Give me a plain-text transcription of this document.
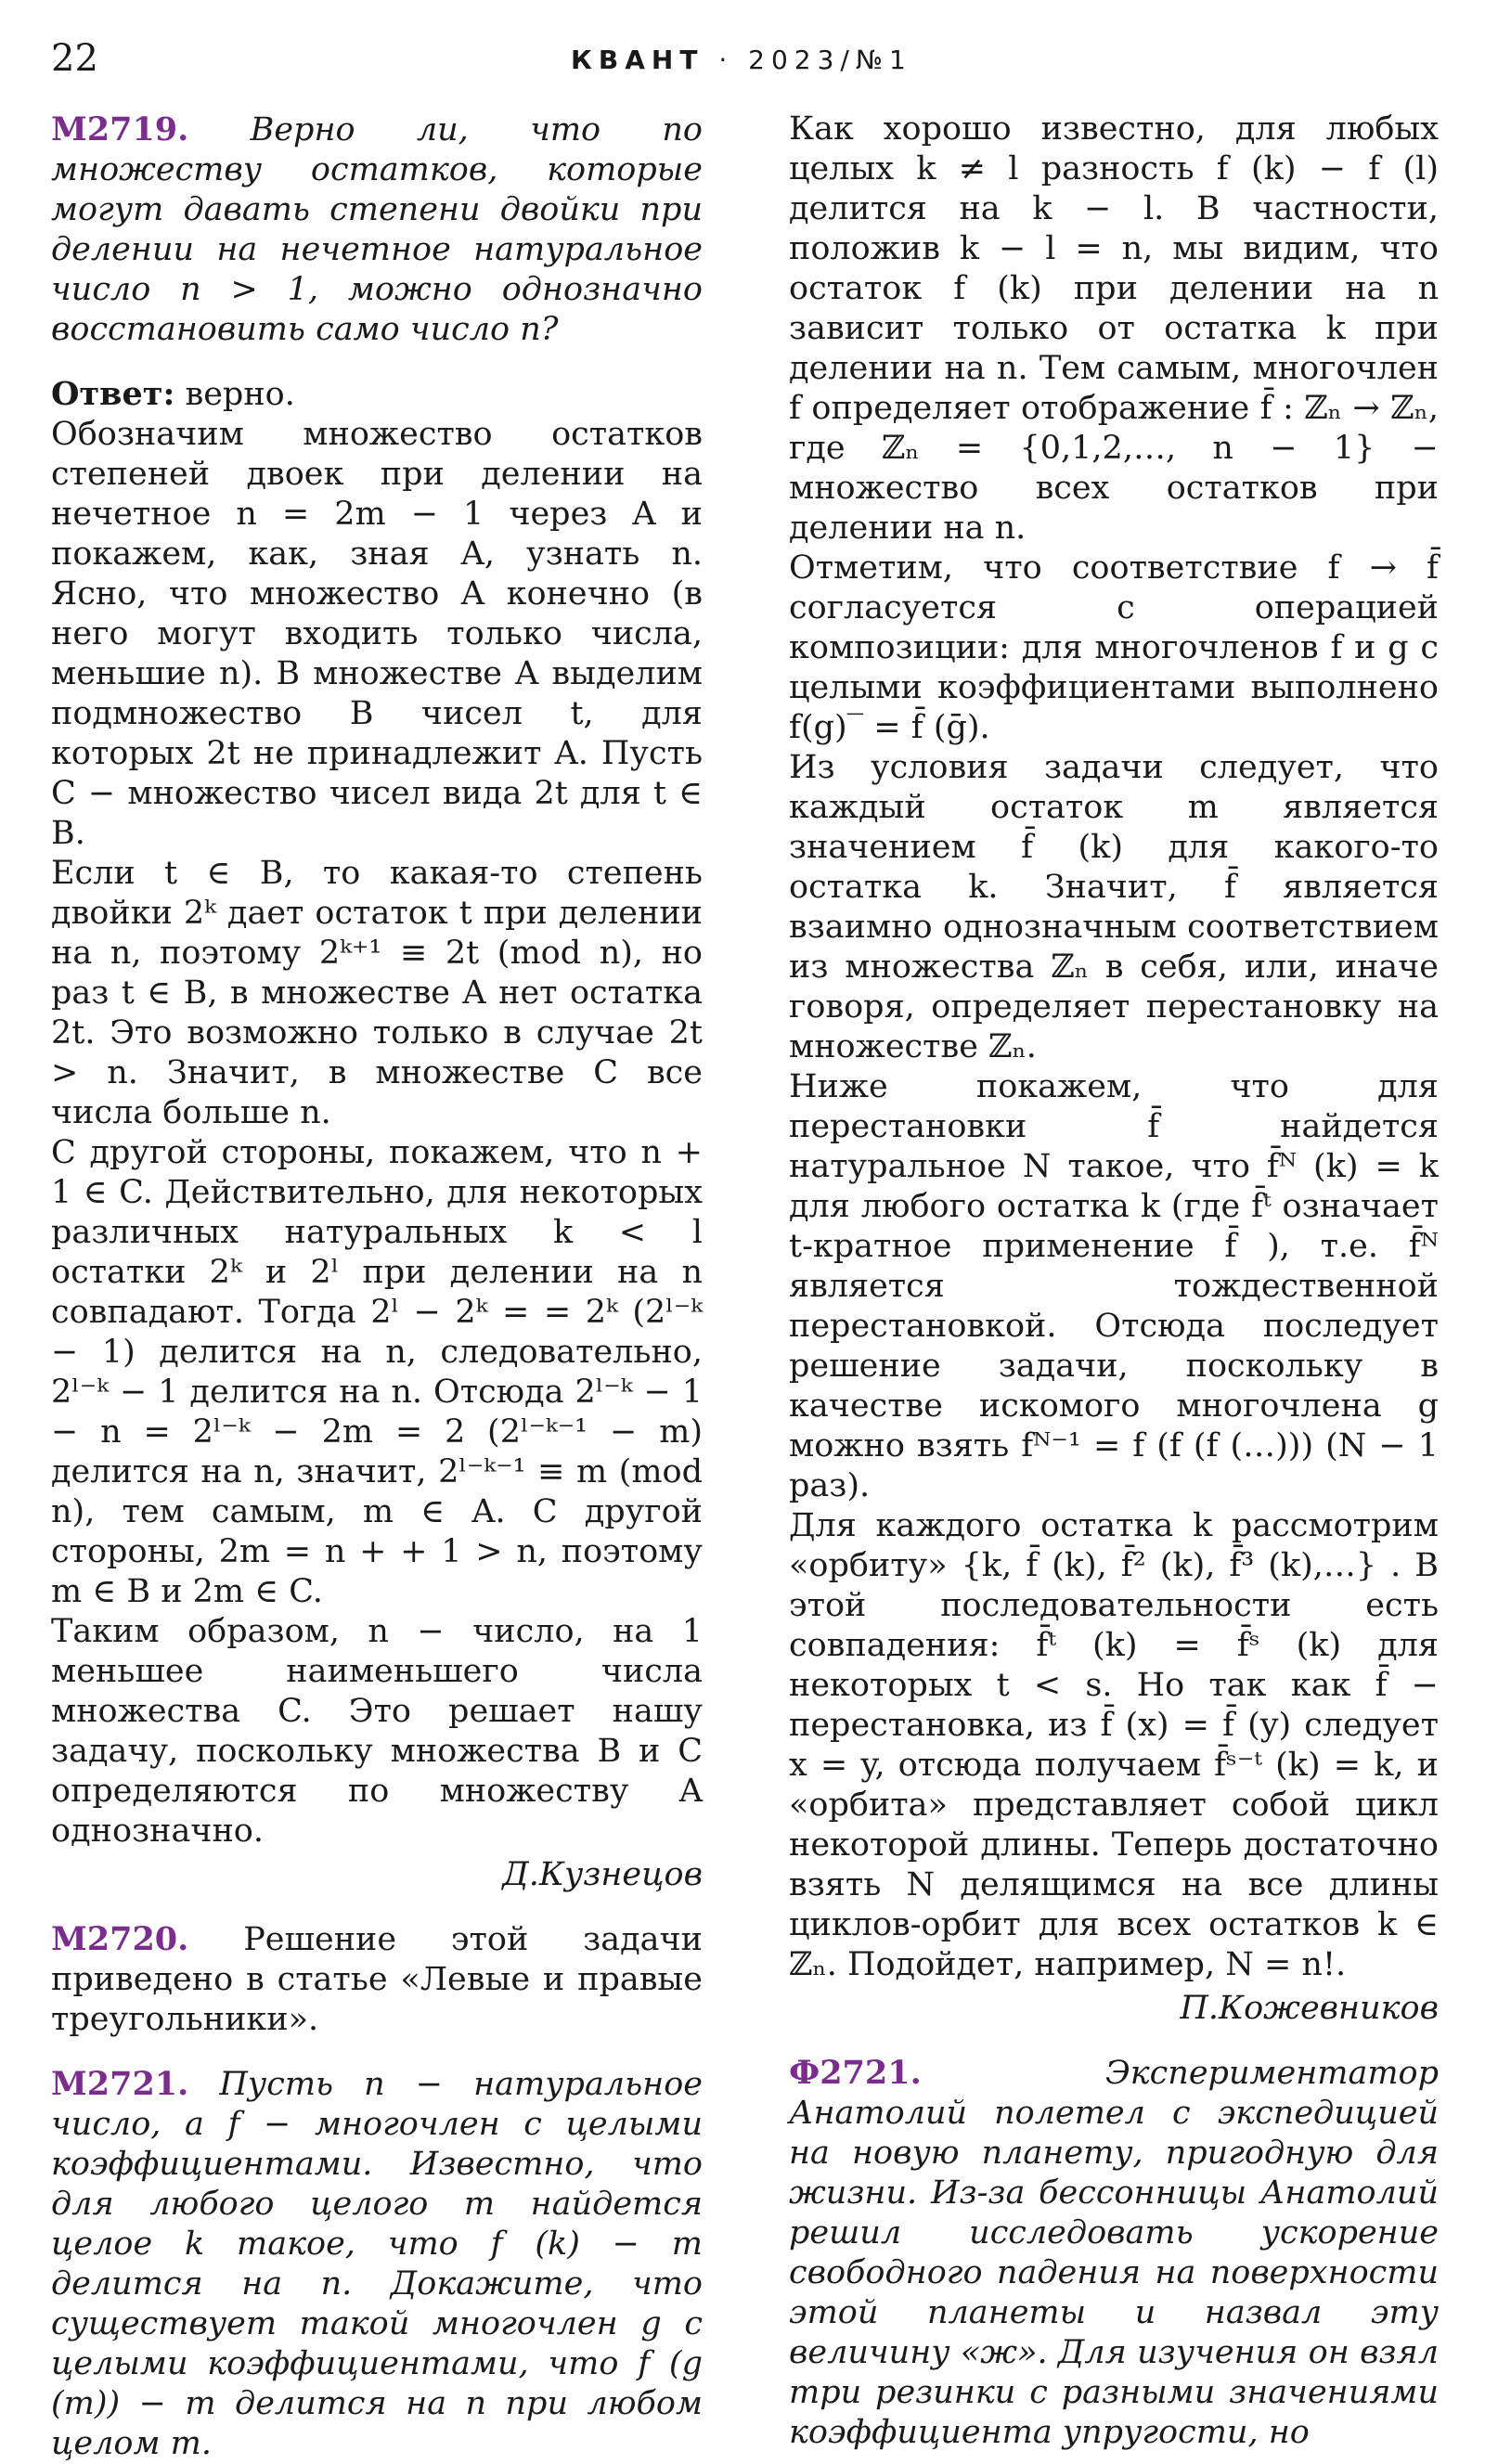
22	КВАНТ · 2023/№1

M2719. Верно ли, что по множеству остатков, которые могут давать степени двойки при делении на нечетное натуральное число n > 1, можно однозначно восстановить само число n?

Ответ: верно.

Обозначим множество остатков степеней двоек при делении на нечетное n = 2m − 1 через A и покажем, как, зная A, узнать n. Ясно, что множество A конечно (в него могут входить только числа, меньшие n). В множестве A выделим подмножество B чисел t, для которых 2t не принадлежит A. Пусть C − множество чисел вида 2t для t ∈ B.

Если t ∈ B, то какая-то степень двойки 2ᵏ дает остаток t при делении на n, поэтому 2ᵏ⁺¹ ≡ 2t (mod n), но раз t ∈ B, в множестве A нет остатка 2t. Это возможно только в случае 2t > n. Значит, в множестве C все числа больше n.

С другой стороны, покажем, что n + 1 ∈ C. Действительно, для некоторых различных натуральных k < l остатки 2ᵏ и 2ˡ при делении на n совпадают. Тогда 2ˡ − 2ᵏ = = 2ᵏ (2ˡ⁻ᵏ − 1) делится на n, следовательно, 2ˡ⁻ᵏ − 1 делится на n. Отсюда 2ˡ⁻ᵏ − 1 − n = 2ˡ⁻ᵏ − 2m = 2 (2ˡ⁻ᵏ⁻¹ − m) делится на n, значит, 2ˡ⁻ᵏ⁻¹ ≡ m (mod n), тем самым, m ∈ A. С другой стороны, 2m = n + + 1 > n, поэтому m ∈ B и 2m ∈ C.

Таким образом, n − число, на 1 меньшее наименьшего числа множества C. Это решает нашу задачу, поскольку множества B и C определяются по множеству A однозначно.

Д.Кузнецов

M2720. Решение этой задачи приведено в статье «Левые и правые треугольники».

M2721. Пусть n − натуральное число, а f − многочлен с целыми коэффициентами. Известно, что для любого целого m найдется целое k такое, что f (k) − m делится на n. Докажите, что существует такой многочлен g с целыми коэффициентами, что f (g (m)) − m делится на n при любом целом m.

Как хорошо известно, для любых целых k ≠ l разность f (k) − f (l) делится на k − l. В частности, положив k − l = n, мы видим, что остаток f (k) при делении на n зависит только от остатка k при делении на n. Тем самым, многочлен f определяет отображение f̄ : ℤₙ → ℤₙ, где ℤₙ = {0,1,2,…, n − 1} − множество всех остатков при делении на n.

Отметим, что соответствие f → f̄ согласуется с операцией композиции: для многочленов f и g с целыми коэффициентами выполнено f(g)‾ = f̄ (ḡ).

Из условия задачи следует, что каждый остаток m является значением f̄ (k) для какого-то остатка k. Значит, f̄ является взаимно однозначным соответствием из множества ℤₙ в себя, или, иначе говоря, определяет перестановку на множестве ℤₙ.

Ниже покажем, что для перестановки f̄ найдется натуральное N такое, что f̄ᴺ (k) = k для любого остатка k (где f̄ᵗ означает t-кратное применение f̄ ), т.е. f̄ᴺ является тождественной перестановкой. Отсюда последует решение задачи, поскольку в качестве искомого многочлена g можно взять fᴺ⁻¹ = f (f (f (…))) (N − 1 раз).

Для каждого остатка k рассмотрим «орбиту» {k, f̄ (k), f̄² (k), f̄³ (k),…} . В этой последовательности есть совпадения: f̄ᵗ (k) = f̄ˢ (k) для некоторых t < s. Но так как f̄ − перестановка, из f̄ (x) = f̄ (y) следует x = y, отсюда получаем f̄ˢ⁻ᵗ (k) = k, и «орбита» представляет собой цикл некоторой длины. Теперь достаточно взять N делящимся на все длины циклов-орбит для всех остатков k ∈ ℤₙ. Подойдет, например, N = n!.

П.Кожевников

Ф2721.	Экспериментатор Анатолий полетел с экспедицией на новую планету, пригодную для жизни. Из-за бессонницы Анатолий решил исследовать ускорение свободного падения на поверхности этой планеты и назвал эту величину «ж». Для изучения он взял три резинки с разными значениями коэффициента упругости, но
